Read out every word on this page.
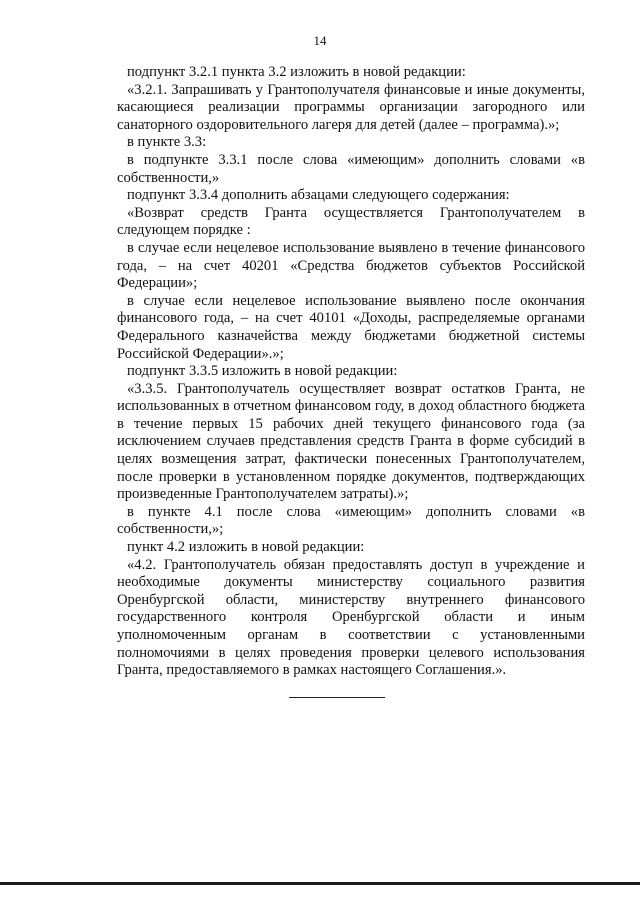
14

подпункт 3.2.1 пункта 3.2 изложить в новой редакции:

«3.2.1. Запрашивать у Грантополучателя финансовые и иные документы, касающиеся реализации программы организации загородного или санаторного оздоровительного лагеря для детей (далее – программа).»;

в пункте 3.3:

в подпункте 3.3.1 после слова «имеющим» дополнить словами «в собственности,»

подпункт 3.3.4 дополнить абзацами следующего содержания:

«Возврат средств Гранта осуществляется Грантополучателем в следующем порядке :

в случае если нецелевое использование выявлено в течение финансового года, – на счет 40201 «Средства бюджетов субъектов Российской Федерации»;

в случае если нецелевое использование выявлено после окончания финансового года, – на счет 40101 «Доходы, распределяемые органами Федерального казначейства между бюджетами бюджетной системы Российской Федерации».»;

подпункт 3.3.5 изложить в новой редакции:

«3.3.5. Грантополучатель осуществляет возврат остатков Гранта, не использованных в отчетном финансовом году, в доход областного бюджета в течение первых 15 рабочих дней текущего финансового года (за исключением случаев представления средств Гранта в форме субсидий в целях возмещения затрат, фактически понесенных Грантополучателем, после проверки в установленном порядке документов, подтверждающих произведенные Грантополучателем затраты).»;

в пункте 4.1 после слова «имеющим» дополнить словами «в собственности,»;

пункт 4.2 изложить в новой редакции:

«4.2. Грантополучатель обязан предоставлять доступ в учреждение и необходимые документы министерству социального развития Оренбургской области, министерству внутреннего финансового государственного контроля Оренбургской области и иным уполномоченным органам в соответствии с установленными полномочиями в целях проведения проверки целевого использования Гранта, предоставляемого в рамках настоящего Соглашения.».
